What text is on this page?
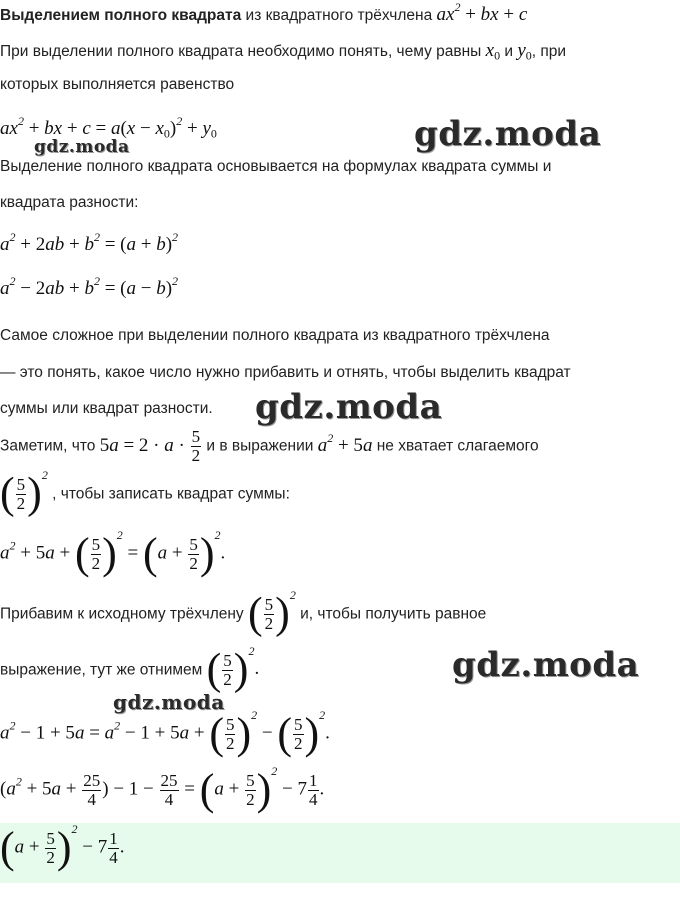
Выделением полного квадрата из квадратного трёхчлена $ax^2$ + bx + c
При выделении полного квадрата необходимо понять, чему равны $x_0$ и $y_0$, при
которых выполняется равенство
$ax^2$ + bx + $c = a(x - x_0)^2 + y_0$
Выделение полного квадрата основывается на формулах квадрата суммы и
квадрата разности:
$a^2 + 2ab + b^2 = (a + b)^2$
$a^2 - 2ab + b^2 = (a - b)^2$
Самое сложное при выделении полного квадрата из квадратного трёхчлена
— это понять, какое число нужно прибавить и отнять, чтобы выделить квадрат
суммы или квадрат разности.
Заметим, что $5a = 2 \cdot a \cdot \frac{5}{2}$ и в выражении $a^2 + 5a$ не хватает слагаемого
( $\frac{5}{2} )^2$ , чтобы записать квадрат суммы:
$a^2 + 5a$ + ( $\frac{5}{2} )^2 = (a + \frac{5}{2} )^2$.
Прибавим к исходному трёхчлену ( $\frac{5}{2} )^2$ и, чтобы получить равное
выражение, тут же отнимем ( $\frac{5}{2} )^2$.
$a^2 - 1 + 5a = a^2 - 1 + 5a$ + ( $\frac{5}{2} )^2$ − ( $\frac{5}{2} )^2$.
($a^2 + 5a + \frac{25}{4}$ ) − $1 - \frac{25}{4} = (a + \frac{5}{2} )^2 - 7 \frac{1}{4}$ .
$(a + \frac{5}{2} )^2 - 7 \frac{1}{4}$ .
gdz.moda
gdz.moda
gdz.moda
gdz.moda
gdz.moda
